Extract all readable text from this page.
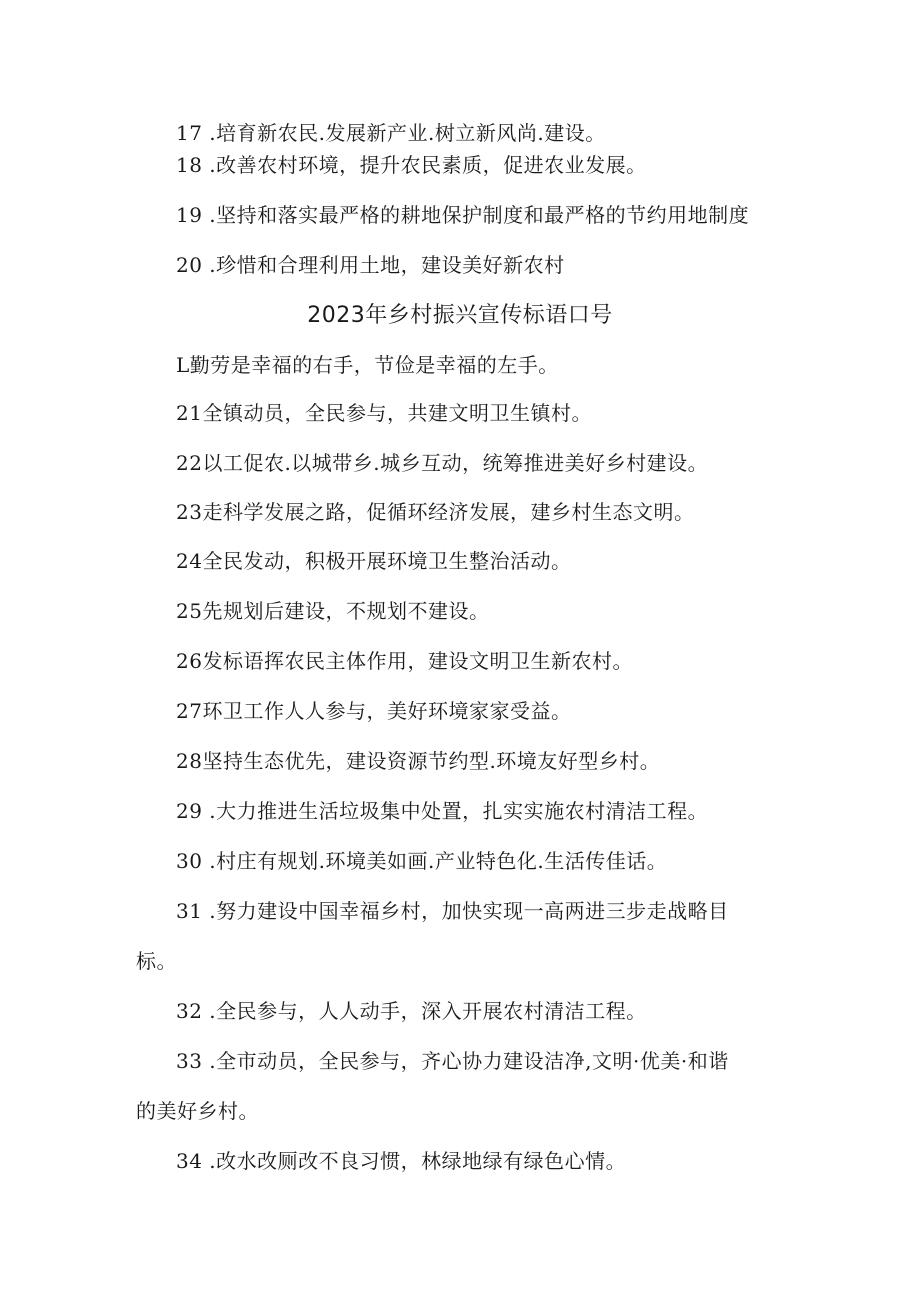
17 .培育新农民.发展新产业.树立新风尚.建设。
18 .改善农村环境，提升农民素质，促进农业发展。
19 .坚持和落实最严格的耕地保护制度和最严格的节约用地制度
20 .珍惜和合理利用土地，建设美好新农村
2023年乡村振兴宣传标语口号
L勤劳是幸福的右手，节俭是幸福的左手。
21全镇动员，全民参与，共建文明卫生镇村。
22以工促农.以城带乡.城乡互动，统筹推进美好乡村建设。
23走科学发展之路，促循环经济发展，建乡村生态文明。
24全民发动，积极开展环境卫生整治活动。
25先规划后建设，不规划不建设。
26发标语挥农民主体作用，建设文明卫生新农村。
27环卫工作人人参与，美好环境家家受益。
28坚持生态优先，建设资源节约型.环境友好型乡村。
29 .大力推进生活垃圾集中处置，扎实实施农村清洁工程。
30 .村庄有规划.环境美如画.产业特色化.生活传佳话。
31 .努力建设中国幸福乡村，加快实现一高两进三步走战略目
标。
32 .全民参与，人人动手，深入开展农村清洁工程。
33 .全市动员，全民参与，齐心协力建设洁净,文明·优美·和谐
的美好乡村。
34 .改水改厕改不良习惯，林绿地绿有绿色心情。
